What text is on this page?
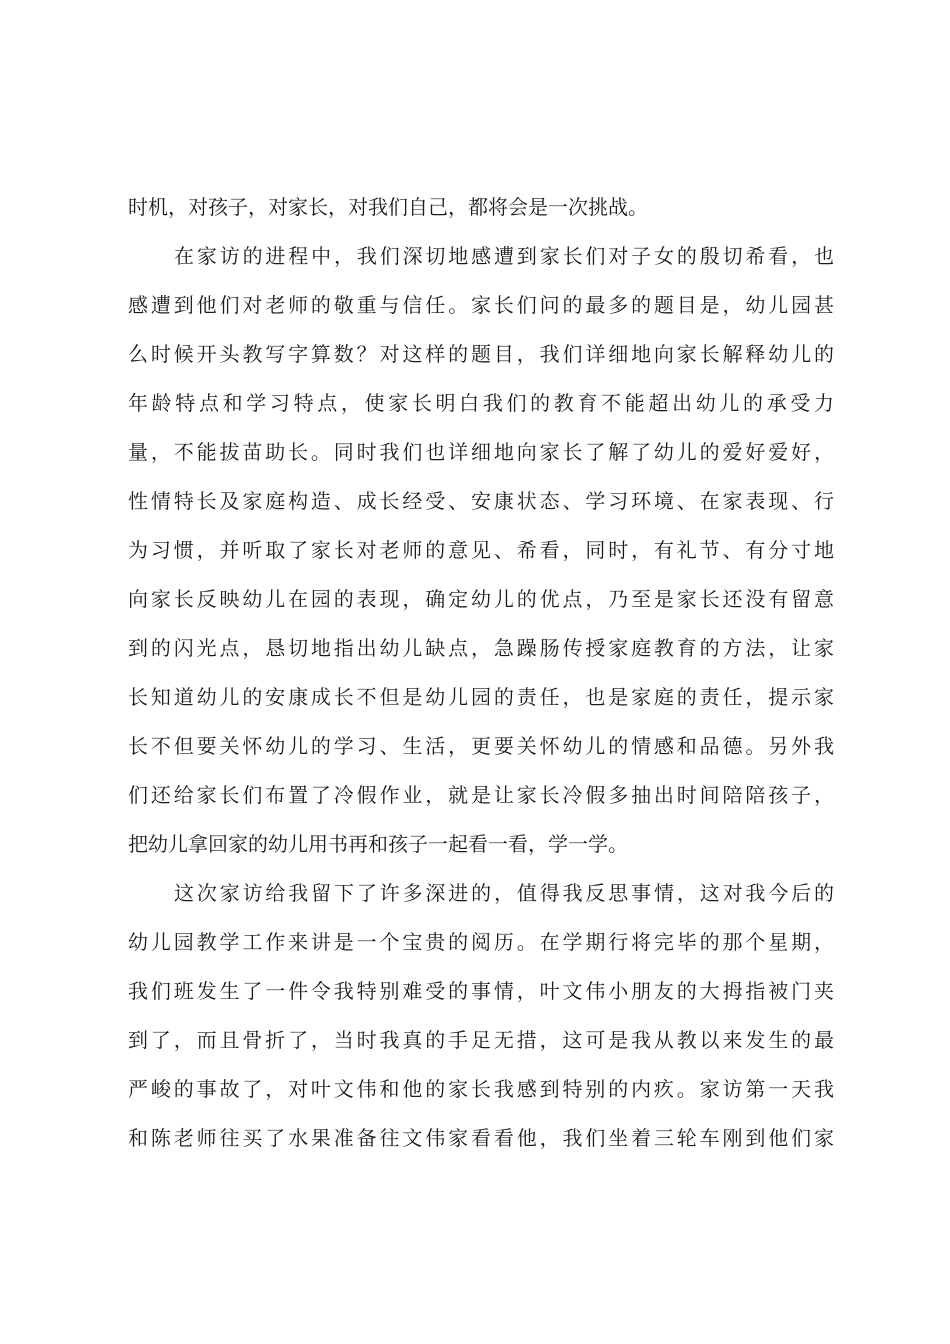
时机，对孩子，对家长，对我们自己，都将会是一次挑战。
在家访的进程中，我们深切地感遭到家长们对子女的殷切希看，也
感遭到他们对老师的敬重与信任。家长们问的最多的题目是，幼儿园甚
么时候开头教写字算数？对这样的题目，我们详细地向家长解释幼儿的
年龄特点和学习特点，使家长明白我们的教育不能超出幼儿的承受力
量，不能拔苗助长。同时我们也详细地向家长了解了幼儿的爱好爱好，
性情特长及家庭构造、成长经受、安康状态、学习环境、在家表现、行
为习惯，并听取了家长对老师的意见、希看，同时，有礼节、有分寸地
向家长反映幼儿在园的表现，确定幼儿的优点，乃至是家长还没有留意
到的闪光点，恳切地指出幼儿缺点，急躁肠传授家庭教育的方法，让家
长知道幼儿的安康成长不但是幼儿园的责任，也是家庭的责任，提示家
长不但要关怀幼儿的学习、生活，更要关怀幼儿的情感和品德。另外我
们还给家长们布置了冷假作业，就是让家长冷假多抽出时间陪陪孩子，
把幼儿拿回家的幼儿用书再和孩子一起看一看，学一学。
这次家访给我留下了许多深进的，值得我反思事情，这对我今后的
幼儿园教学工作来讲是一个宝贵的阅历。在学期行将完毕的那个星期，
我们班发生了一件令我特别难受的事情，叶文伟小朋友的大拇指被门夹
到了，而且骨折了，当时我真的手足无措，这可是我从教以来发生的最
严峻的事故了，对叶文伟和他的家长我感到特别的内疚。家访第一天我
和陈老师往买了水果准备往文伟家看看他，我们坐着三轮车刚到他们家
